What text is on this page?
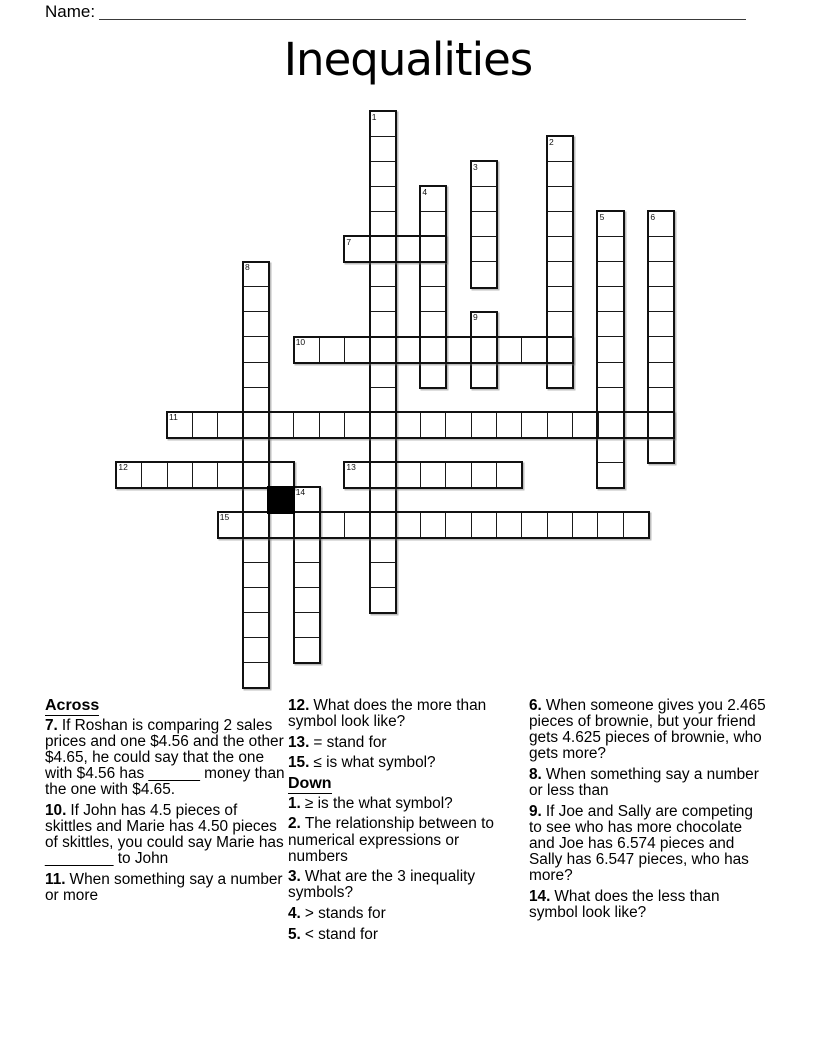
Name:
Inequalities
1
2
3
4
5	6
7
8
9
10
11
12	13
14
15
Across
7. If Roshan is comparing 2 sales prices and one $4.56 and the other $4.65, he could say that the one with $4.56 has ______ money than the one with $4.65.
10. If John has 4.5 pieces of skittles and Marie has 4.50 pieces of skittles, you could say Marie has ________ to John
11. When something say a number or more
12. What does the more than symbol look like?
13. = stand for
15. ≤ is what symbol?
Down
1. ≥ is the what symbol?
2. The relationship between to numerical expressions or numbers
3. What are the 3 inequality symbols?
4. > stands for
5. < stand for
6. When someone gives you 2.465 pieces of brownie, but your friend gets 4.625 pieces of brownie, who gets more?
8. When something say a number or less than
9. If Joe and Sally are competing to see who has more chocolate and Joe has 6.574 pieces and Sally has 6.547 pieces, who has more?
14. What does the less than symbol look like?
